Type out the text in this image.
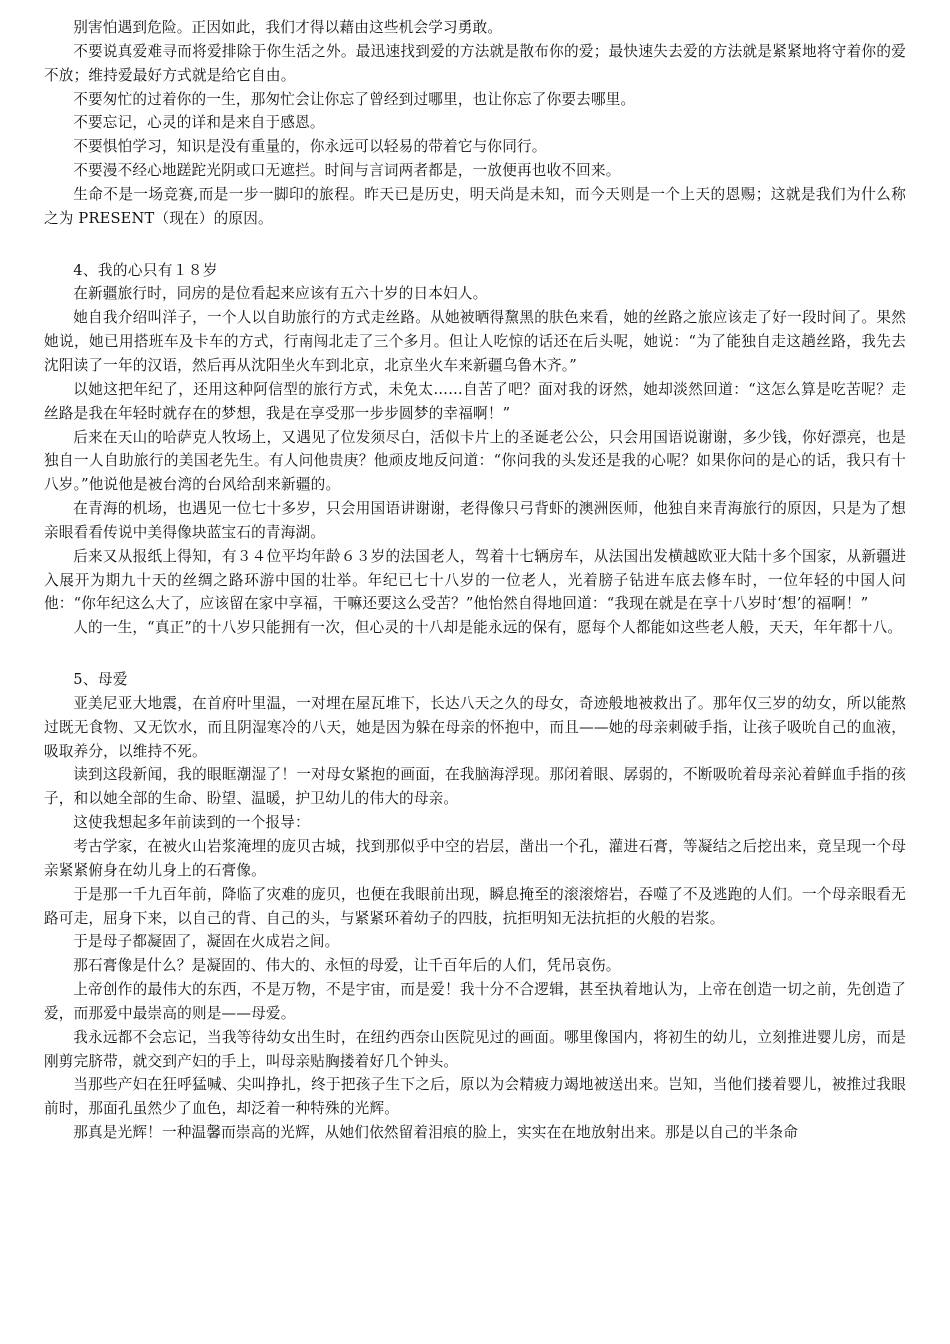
别害怕遇到危险。正因如此，我们才得以藉由这些机会学习勇敢。

不要说真爱难寻而将爱排除于你生活之外。最迅速找到爱的方法就是散布你的爱；最快速失去爱的方法就是紧紧地将守着你的爱不放；维持爱最好方式就是给它自由。

不要匆忙的过着你的一生，那匆忙会让你忘了曾经到过哪里，也让你忘了你要去哪里。

不要忘记，心灵的详和是来自于感恩。

不要惧怕学习，知识是没有重量的，你永远可以轻易的带着它与你同行。

不要漫不经心地蹉跎光阴或口无遮拦。时间与言词两者都是，一放便再也收不回来。

生命不是一场竞赛,而是一步一脚印的旅程。昨天已是历史，明天尚是未知，而今天则是一个上天的恩赐；这就是我们为什么称之为 PRESENT（现在）的原因。

4、我的心只有１８岁

在新疆旅行时，同房的是位看起来应该有五六十岁的日本妇人。

她自我介绍叫洋子，一个人以自助旅行的方式走丝路。从她被晒得黧黑的肤色来看，她的丝路之旅应该走了好一段时间了。果然她说，她已用搭班车及卡车的方式，行南闯北走了三个多月。但让人吃惊的话还在后头呢，她说：“为了能独自走这趟丝路，我先去沈阳读了一年的汉语，然后再从沈阳坐火车到北京，北京坐火车来新疆乌鲁木齐。”

以她这把年纪了，还用这种阿信型的旅行方式，未免太……自苦了吧？面对我的讶然，她却淡然回道：“这怎么算是吃苦呢？走丝路是我在年轻时就存在的梦想，我是在享受那一步步圆梦的幸福啊！”

后来在天山的哈萨克人牧场上，又遇见了位发须尽白，活似卡片上的圣诞老公公，只会用国语说谢谢，多少钱，你好漂亮，也是独自一人自助旅行的美国老先生。有人问他贵庚？他顽皮地反问道：“你问我的头发还是我的心呢？如果你问的是心的话，我只有十八岁。”他说他是被台湾的台风给刮来新疆的。

在青海的机场，也遇见一位七十多岁，只会用国语讲谢谢，老得像只弓背虾的澳洲医师，他独自来青海旅行的原因，只是为了想亲眼看看传说中美得像块蓝宝石的青海湖。

后来又从报纸上得知，有３４位平均年龄６３岁的法国老人，驾着十七辆房车，从法国出发横越欧亚大陆十多个国家，从新疆进入展开为期九十天的丝绸之路环游中国的壮举。年纪已七十八岁的一位老人，光着膀子钻进车底去修车时，一位年轻的中国人问他：“你年纪这么大了，应该留在家中享福，干嘛还要这么受苦？”他怡然自得地回道：“我现在就是在享十八岁时‘想’的福啊！”

人的一生，“真正”的十八岁只能拥有一次，但心灵的十八却是能永远的保有，愿每个人都能如这些老人般，天天，年年都十八。

5、母爱

亚美尼亚大地震，在首府叶里温，一对埋在屋瓦堆下，长达八天之久的母女，奇迹般地被救出了。那年仅三岁的幼女，所以能熬过既无食物、又无饮水，而且阴湿寒冷的八天，她是因为躲在母亲的怀抱中，而且——她的母亲刺破手指，让孩子吸吮自己的血液，吸取养分，以维持不死。

读到这段新闻，我的眼眶潮湿了！一对母女紧抱的画面，在我脑海浮现。那闭着眼、孱弱的，不断吸吮着母亲沁着鲜血手指的孩子，和以她全部的生命、盼望、温暖，护卫幼儿的伟大的母亲。

这使我想起多年前读到的一个报导：

考古学家，在被火山岩浆淹埋的庞贝古城，找到那似乎中空的岩层，凿出一个孔，灌进石膏，等凝结之后挖出来，竟呈现一个母亲紧紧俯身在幼儿身上的石膏像。

于是那一千九百年前，降临了灾难的庞贝，也便在我眼前出现，瞬息掩至的滚滚熔岩，吞噬了不及逃跑的人们。一个母亲眼看无路可走，屈身下来，以自己的背、自己的头，与紧紧环着幼子的四肢，抗拒明知无法抗拒的火般的岩浆。

于是母子都凝固了，凝固在火成岩之间。

那石膏像是什么？是凝固的、伟大的、永恒的母爱，让千百年后的人们，凭吊哀伤。

上帝创作的最伟大的东西，不是万物，不是宇宙，而是爱！我十分不合逻辑，甚至执着地认为，上帝在创造一切之前，先创造了爱，而那爱中最崇高的则是——母爱。

我永远都不会忘记，当我等待幼女出生时，在纽约西奈山医院见过的画面。哪里像国内，将初生的幼儿，立刻推进婴儿房，而是刚剪完脐带，就交到产妇的手上，叫母亲贴胸搂着好几个钟头。

当那些产妇在狂呼猛喊、尖叫挣扎，终于把孩子生下之后，原以为会精疲力竭地被送出来。岂知，当他们搂着婴儿，被推过我眼前时，那面孔虽然少了血色，却泛着一种特殊的光辉。

那真是光辉！一种温馨而崇高的光辉，从她们依然留着泪痕的脸上，实实在在地放射出来。那是以自己的半条命
